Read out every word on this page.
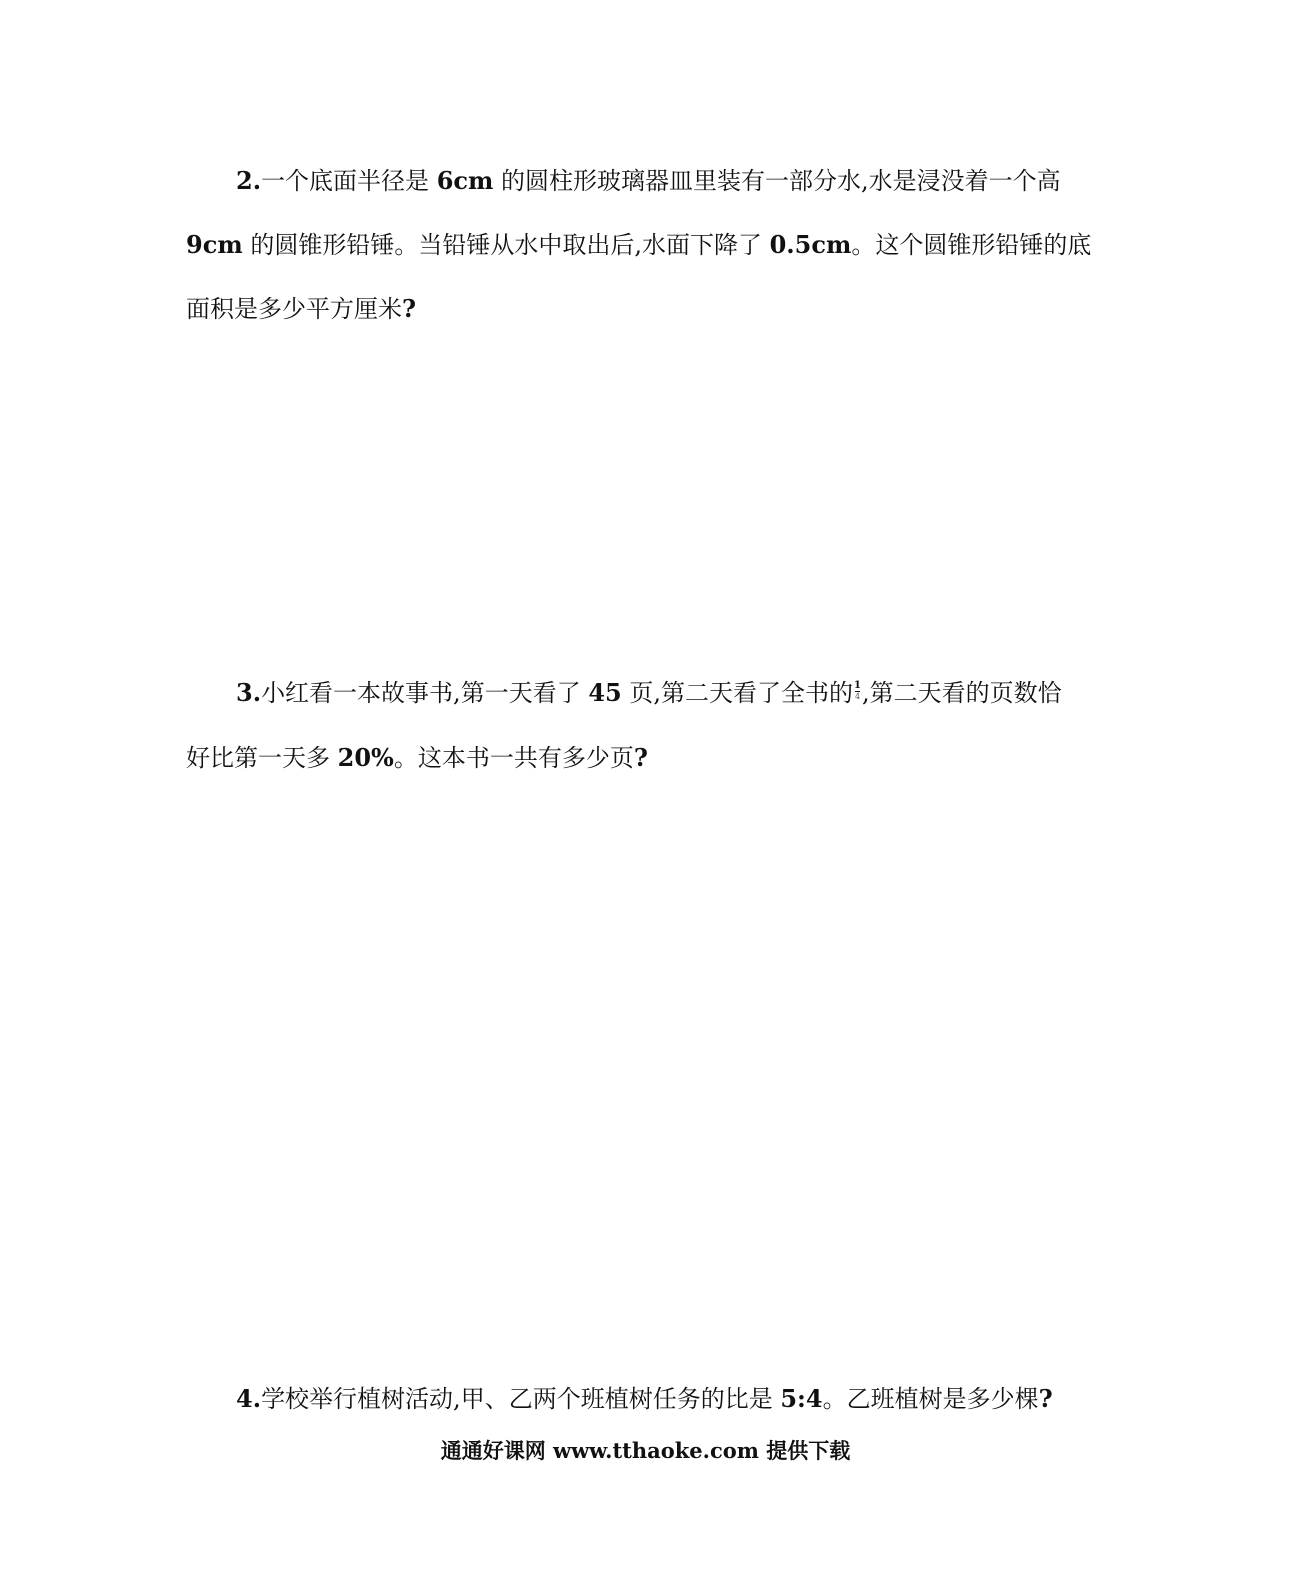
2.一个底面半径是 6cm 的圆柱形玻璃器皿里装有一部分水,水是浸没着一个高
9cm 的圆锥形铅锤。当铅锤从水中取出后,水面下降了 0.5cm。这个圆锥形铅锤的底
面积是多少平方厘米?
3.小红看一本故事书,第一天看了 45 页,第二天看了全书的 $\frac{1}{4}$ ,第二天看的页数恰
好比第一天多 20%。这本书一共有多少页?
4.学校举行植树活动,甲、乙两个班植树任务的比是 5:4。乙班植树是多少棵?
通通好课网 www.tthaoke.com 提供下载
